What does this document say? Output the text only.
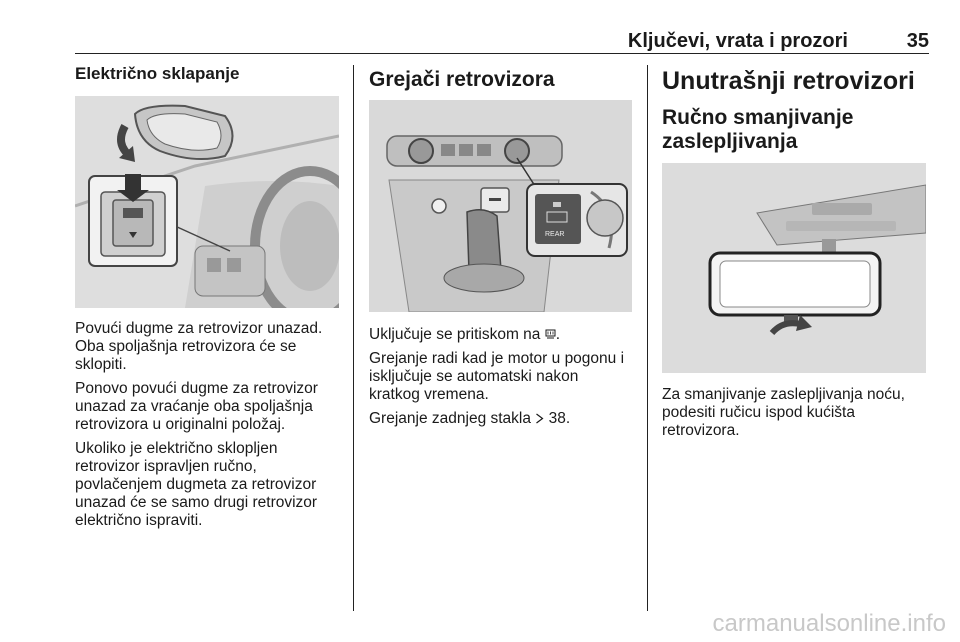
Ključevi, vrata i prozori	35
Električno sklapanje

Povući dugme za retrovizor unazad.
Oba spoljašnja retrovizora će se
sklopiti.

Ponovo povući dugme za retrovizor
unazad za vraćanje oba spoljašnja
retrovizora u originalni položaj.

Ukoliko je električno sklopljen
retrovizor ispravljen ručno,
povlačenjem dugmeta za retrovizor
unazad će se samo drugi retrovizor
električno ispraviti.

Grejači retrovizora
REAR

Uključuje se pritiskom na .

Grejanje radi kad je motor u pogonu i
isključuje se automatski nakon
kratkog vremena.

Grejanje zadnjeg stakla  38.

Unutrašnji retrovizori
Ručno smanjivanje zaslepljivanja

Za smanjivanje zaslepljivanja noću,
podesiti ručicu ispod kućišta
retrovizora.

carmanualsonline.info
